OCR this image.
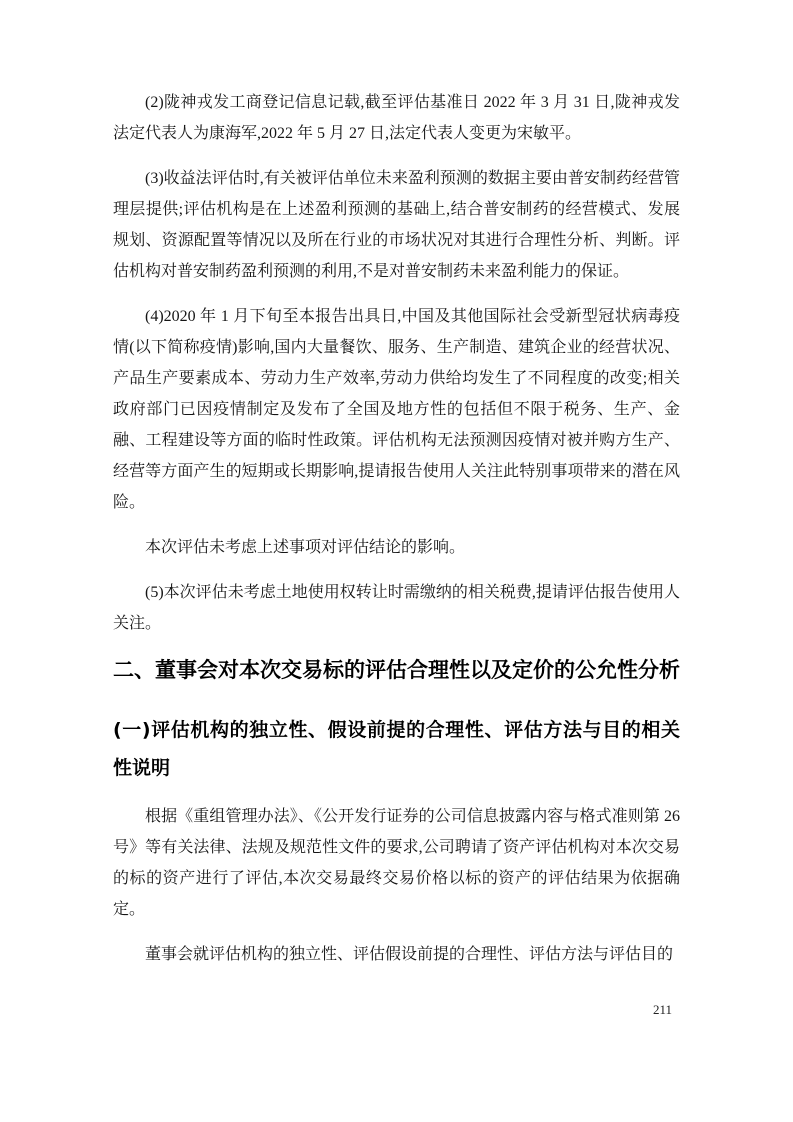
(2)陇神戎发工商登记信息记载,截至评估基准日 2022 年 3 月 31 日,陇神戎发法定代表人为康海军,2022 年 5 月 27 日,法定代表人变更为宋敏平。

(3)收益法评估时,有关被评估单位未来盈利预测的数据主要由普安制药经营管理层提供;评估机构是在上述盈利预测的基础上,结合普安制药的经营模式、发展规划、资源配置等情况以及所在行业的市场状况对其进行合理性分析、判断。评估机构对普安制药盈利预测的利用,不是对普安制药未来盈利能力的保证。

(4)2020 年 1 月下旬至本报告出具日,中国及其他国际社会受新型冠状病毒疫情(以下简称疫情)影响,国内大量餐饮、服务、生产制造、建筑企业的经营状况、产品生产要素成本、劳动力生产效率,劳动力供给均发生了不同程度的改变;相关政府部门已因疫情制定及发布了全国及地方性的包括但不限于税务、生产、金融、工程建设等方面的临时性政策。评估机构无法预测因疫情对被并购方生产、经营等方面产生的短期或长期影响,提请报告使用人关注此特别事项带来的潜在风险。

本次评估未考虑上述事项对评估结论的影响。

(5)本次评估未考虑土地使用权转让时需缴纳的相关税费,提请评估报告使用人关注。

二、董事会对本次交易标的评估合理性以及定价的公允性分析
(一)评估机构的独立性、假设前提的合理性、评估方法与目的相关性说明

根据《重组管理办法》、《公开发行证券的公司信息披露内容与格式准则第 26 号》等有关法律、法规及规范性文件的要求,公司聘请了资产评估机构对本次交易的标的资产进行了评估,本次交易最终交易价格以标的资产的评估结果为依据确定。

董事会就评估机构的独立性、评估假设前提的合理性、评估方法与评估目的

211
